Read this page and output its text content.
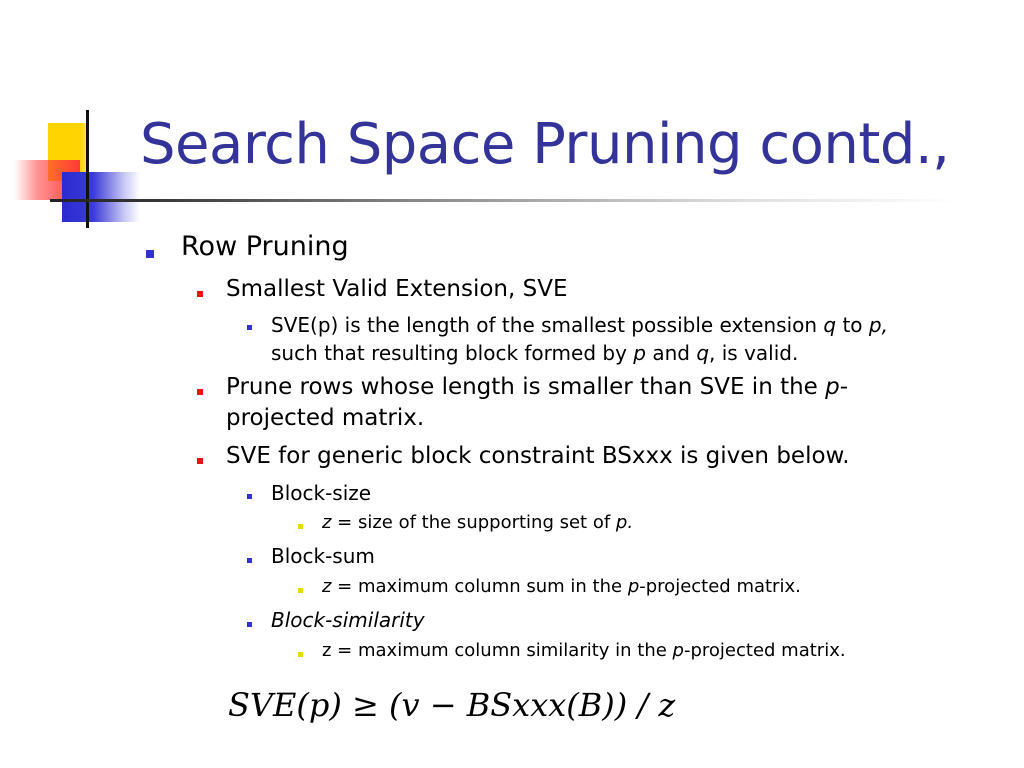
Search Space Pruning contd.,
Row Pruning
Smallest Valid Extension, SVE
SVE(p) is the length of the smallest possible extension q to p,
such that resulting block formed by p and q, is valid.
Prune rows whose length is smaller than SVE in the p-
projected matrix.
SVE for generic block constraint BSxxx is given below.
Block-size
z = size of the supporting set of p.
Block-sum
z = maximum column sum in the p-projected matrix.
Block-similarity
z = maximum column similarity in the p-projected matrix.
SVE(p) ≥ (v − BSxxx(B)) / z
